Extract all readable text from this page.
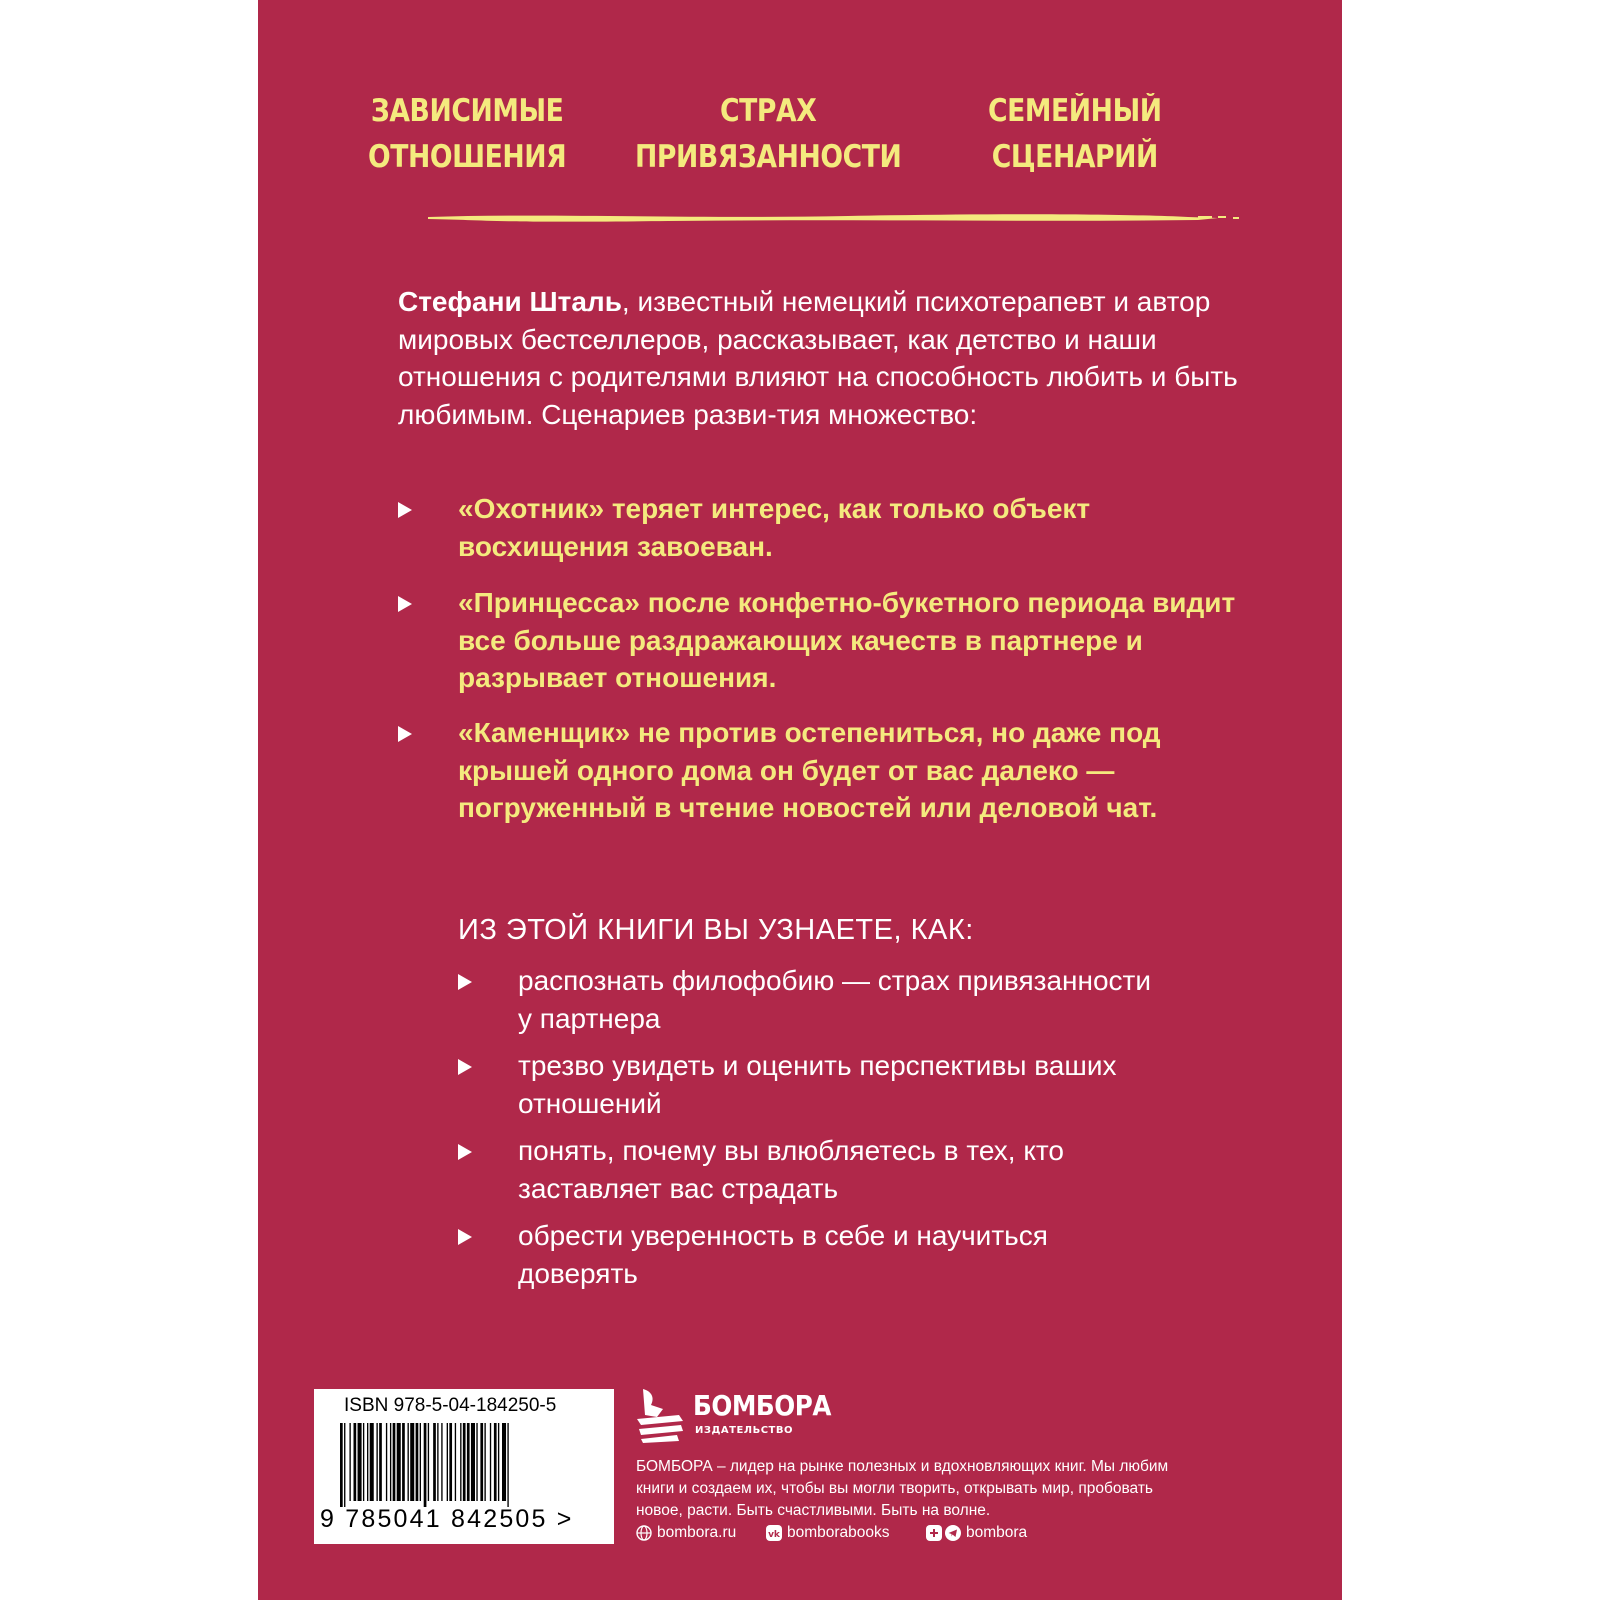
ЗАВИСИМЫЕ
ОТНОШЕНИЯ
СТРАХ
ПРИВЯЗАННОСТИ
СЕМЕЙНЫЙ
СЦЕНАРИЙ
Стефани Шталь, известный немецкий психотерапевт и автор мировых бестселлеров, рассказывает, как детство и наши отношения с родителями влияют на способность любить и быть любимым. Сценариев разви-тия множество:
«Охотник» теряет интерес, как только объект восхищения завоеван.
«Принцесса» после конфетно-букетного периода видит все больше раздражающих качеств в партнере и разрывает отношения.
«Каменщик» не против остепениться, но даже под крышей одного дома он будет от вас далеко — погруженный в чтение новостей или деловой чат.
ИЗ ЭТОЙ КНИГИ ВЫ УЗНАЕТЕ, КАК:
распознать филофобию — страх привязанности у партнера
трезво увидеть и оценить перспективы ваших отношений
понять, почему вы влюбляетесь в тех, кто заставляет вас страдать
обрести уверенность в себе и научиться доверять
ISBN 978-5-04-184250-5
9 785041 842505 >
БОМБОРА
ИЗДАТЕЛЬСТВО
БОМБОРА – лидер на рынке полезных и вдохновляющих книг. Мы любим книги и создаем их, чтобы вы могли творить, открывать мир, пробовать новое, расти. Быть счастливыми. Быть на волне.
bombora.ru	vk bomborabooks	bombora
